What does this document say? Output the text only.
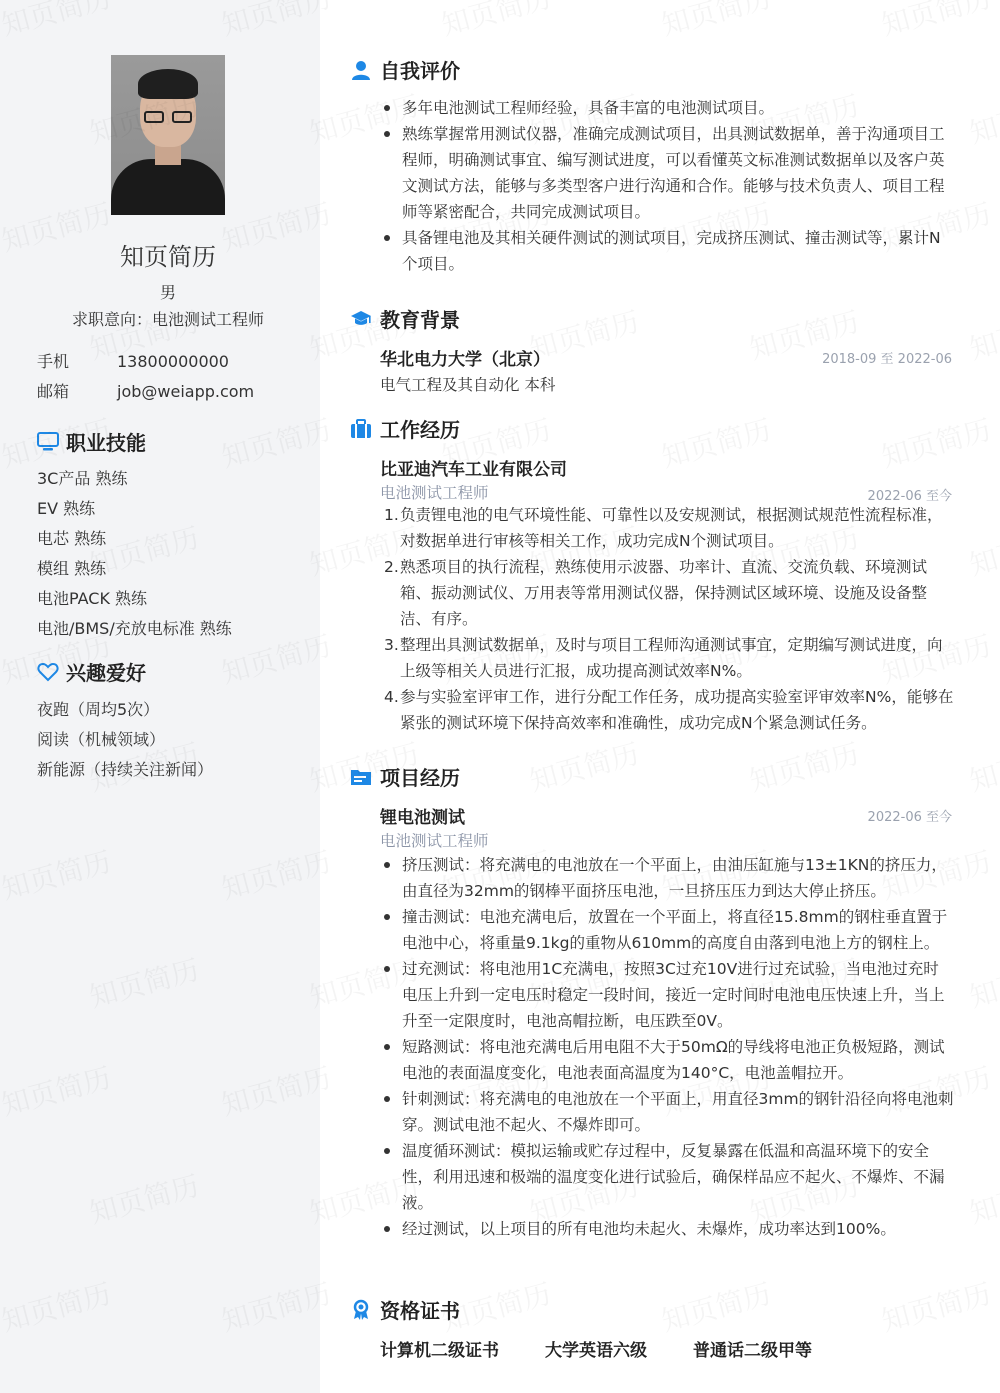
知页简历
男
求职意向：电池测试工程师
手机	13800000000
邮箱	job@weiapp.com
职业技能
3C产品 熟练
EV 熟练
电芯 熟练
模组 熟练
电池PACK 熟练
电池/BMS/充放电标准 熟练
兴趣爱好
夜跑（周均5次）
阅读（机械领域）
新能源（持续关注新闻）
自我评价
多年电池测试工程师经验，具备丰富的电池测试项目。
熟练掌握常用测试仪器，准确完成测试项目，出具测试数据单，善于沟通项目工程师，明确测试事宜、编写测试进度，可以看懂英文标准测试数据单以及客户英文测试方法，能够与多类型客户进行沟通和合作。能够与技术负责人、项目工程师等紧密配合，共同完成测试项目。
具备锂电池及其相关硬件测试的测试项目，完成挤压测试、撞击测试等，累计N个项目。
教育背景
华北电力大学（北京）	2018-09 至 2022-06
电气工程及其自动化 本科
工作经历
比亚迪汽车工业有限公司
电池测试工程师	2022-06 至今
1. 负责锂电池的电气环境性能、可靠性以及安规测试，根据测试规范性流程标准，对数据单进行审核等相关工作，成功完成N个测试项目。
2. 熟悉项目的执行流程，熟练使用示波器、功率计、直流、交流负载、环境测试箱、振动测试仪、万用表等常用测试仪器，保持测试区域环境、设施及设备整洁、有序。
3. 整理出具测试数据单，及时与项目工程师沟通测试事宜，定期编写测试进度，向上级等相关人员进行汇报，成功提高测试效率N%。
4. 参与实验室评审工作，进行分配工作任务，成功提高实验室评审效率N%，能够在紧张的测试环境下保持高效率和准确性，成功完成N个紧急测试任务。
项目经历
锂电池测试
电池测试工程师
2022-06 至今
挤压测试：将充满电的电池放在一个平面上，由油压缸施与13±1KN的挤压力，由直径为32mm的钢棒平面挤压电池，一旦挤压压力到达大停止挤压。
撞击测试：电池充满电后，放置在一个平面上，将直径15.8mm的钢柱垂直置于电池中心，将重量9.1kg的重物从610mm的高度自由落到电池上方的钢柱上。
过充测试：将电池用1C充满电，按照3C过充10V进行过充试验，当电池过充时电压上升到一定电压时稳定一段时间，接近一定时间时电池电压快速上升，当上升至一定限度时，电池高帽拉断，电压跌至0V。
短路测试：将电池充满电后用电阻不大于50mΩ的导线将电池正负极短路，测试电池的表面温度变化，电池表面高温度为140°C，电池盖帽拉开。
针刺测试：将充满电的电池放在一个平面上，用直径3mm的钢针沿径向将电池刺穿。测试电池不起火、不爆炸即可。
温度循环测试：模拟运输或贮存过程中，反复暴露在低温和高温环境下的安全性，利用迅速和极端的温度变化进行试验后，确保样品应不起火、不爆炸、不漏液。
经过测试，以上项目的所有电池均未起火、未爆炸，成功率达到100%。
资格证书
计算机二级证书	大学英语六级	普通话二级甲等
